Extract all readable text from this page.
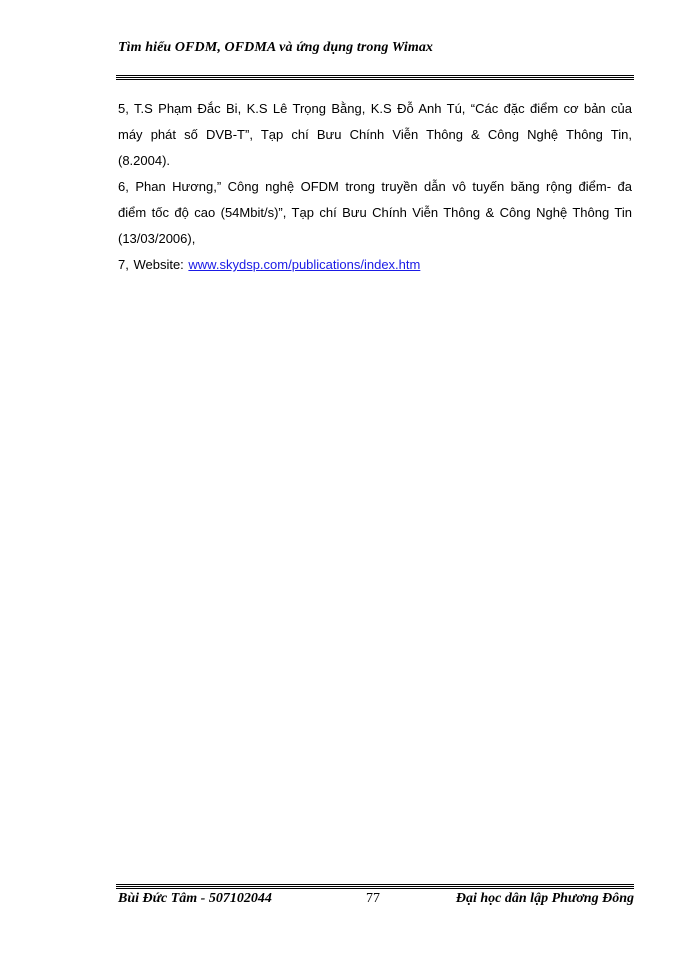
Tìm hiểu OFDM, OFDMA và ứng dụng trong Wimax

5, T.S Phạm Đắc Bi, K.S Lê Trọng Bằng, K.S Đỗ Anh Tú, “Các đặc điểm cơ bản của máy phát số DVB-T”, Tạp chí Bưu Chính Viễn Thông & Công Nghệ Thông Tin, (8.2004).

6, Phan Hương,” Công nghệ OFDM trong truyền dẫn vô tuyến băng rộng điểm- đa điểm tốc độ cao (54Mbit/s)”, Tạp chí Bưu Chính Viễn Thông & Công Nghệ Thông Tin (13/03/2006),

7, Website: www.skydsp.com/publications/index.htm

Bùi Đức Tâm - 507102044	77	Đại học dân lập Phương Đông
